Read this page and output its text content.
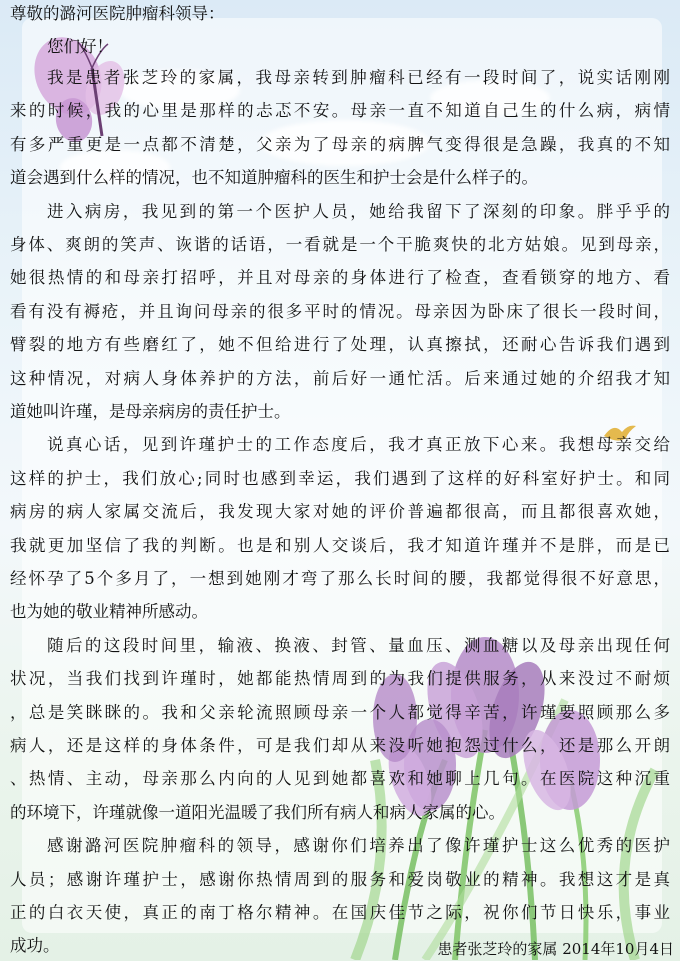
尊敬的潞河医院肿瘤科领导：
您们好！
我是患者张芝玲的家属，我母亲转到肿瘤科已经有一段时间了，说实话刚刚
来的时候，我的心里是那样的忐忑不安。母亲一直不知道自己生的什么病，病情
有多严重更是一点都不清楚，父亲为了母亲的病脾气变得很是急躁，我真的不知
道会遇到什么样的情况，也不知道肿瘤科的医生和护士会是什么样子的。
进入病房，我见到的第一个医护人员，她给我留下了深刻的印象。胖乎乎的
身体、爽朗的笑声、诙谐的话语，一看就是一个干脆爽快的北方姑娘。见到母亲，
她很热情的和母亲打招呼，并且对母亲的身体进行了检查，查看锁穿的地方、看
看有没有褥疮，并且询问母亲的很多平时的情况。母亲因为卧床了很长一段时间，
臂裂的地方有些磨红了，她不但给进行了处理，认真擦拭，还耐心告诉我们遇到
这种情况，对病人身体养护的方法，前后好一通忙活。后来通过她的介绍我才知
道她叫许瑾，是母亲病房的责任护士。
说真心话，见到许瑾护士的工作态度后，我才真正放下心来。我想母亲交给
这样的护士，我们放心;同时也感到幸运，我们遇到了这样的好科室好护士。和同
病房的病人家属交流后，我发现大家对她的评价普遍都很高，而且都很喜欢她，
我就更加坚信了我的判断。也是和别人交谈后，我才知道许瑾并不是胖，而是已
经怀孕了5个多月了，一想到她刚才弯了那么长时间的腰，我都觉得很不好意思，
也为她的敬业精神所感动。
随后的这段时间里，输液、换液、封管、量血压、测血糖以及母亲出现任何
状况，当我们找到许瑾时，她都能热情周到的为我们提供服务，从来没过不耐烦
，总是笑眯眯的。我和父亲轮流照顾母亲一个人都觉得辛苦，许瑾要照顾那么多
病人，还是这样的身体条件，可是我们却从来没听她抱怨过什么，还是那么开朗
、热情、主动，母亲那么内向的人见到她都喜欢和她聊上几句。在医院这种沉重
的环境下，许瑾就像一道阳光温暖了我们所有病人和病人家属的心。
感谢潞河医院肿瘤科的领导，感谢你们培养出了像许瑾护士这么优秀的医护
人员；感谢许瑾护士，感谢你热情周到的服务和爱岗敬业的精神。我想这才是真
正的白衣天使，真正的南丁格尔精神。在国庆佳节之际，祝你们节日快乐，事业
成功。	患者张芝玲的家属 2014年10月4日
